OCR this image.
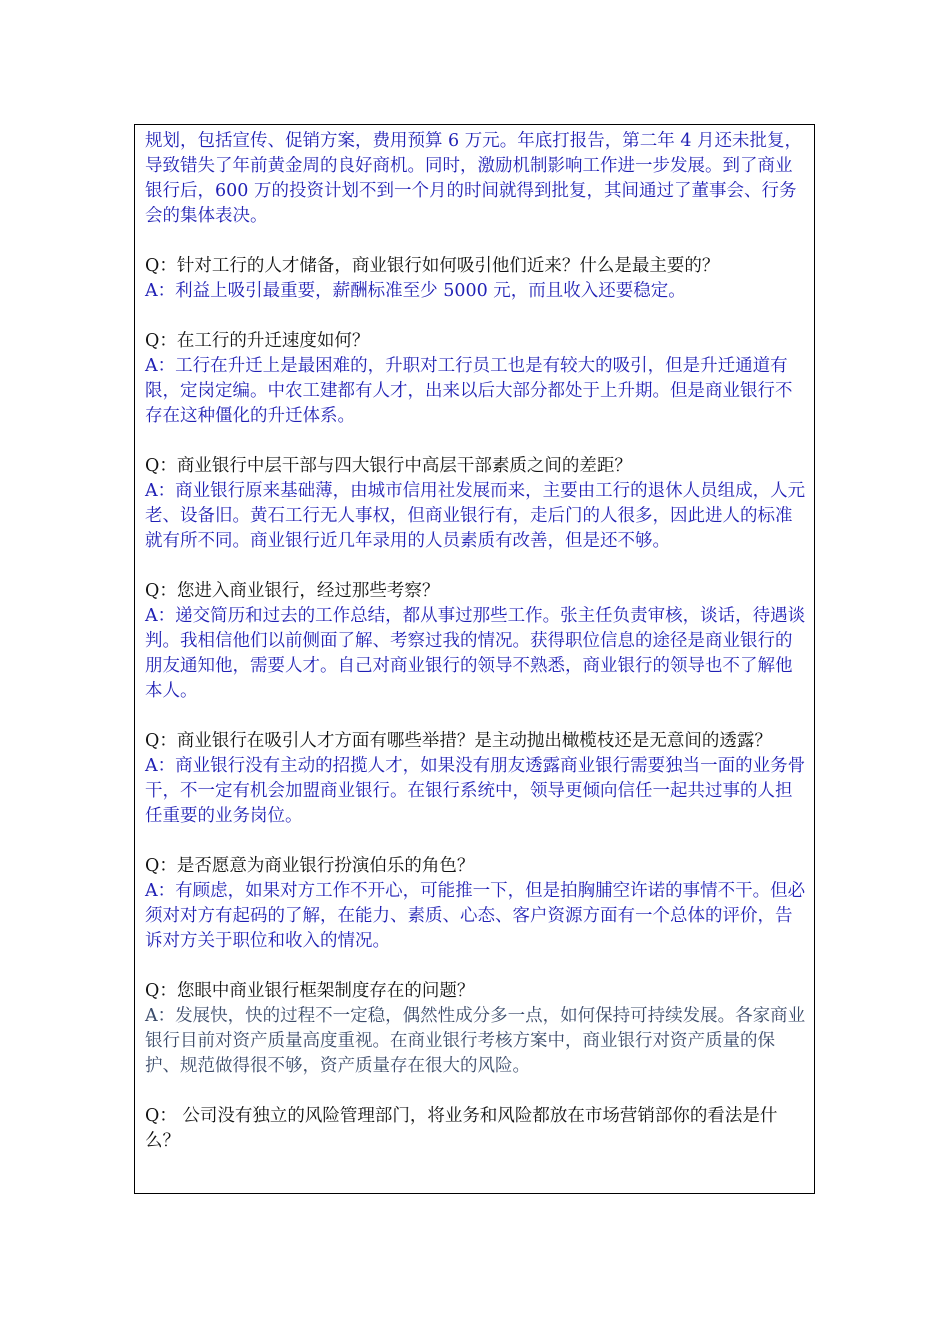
规划，包括宣传、促销方案，费用预算 6 万元。年底打报告，第二年 4 月还未批复，导致错失了年前黄金周的良好商机。同时，激励机制影响工作进一步发展。到了商业银行后，600 万的投资计划不到一个月的时间就得到批复，其间通过了董事会、行务会的集体表决。

Q：针对工行的人才储备，商业银行如何吸引他们近来？什么是最主要的？

A：利益上吸引最重要，薪酬标准至少 5000 元，而且收入还要稳定。

Q：在工行的升迁速度如何？

A：工行在升迁上是最困难的，升职对工行员工也是有较大的吸引，但是升迁通道有限，定岗定编。中农工建都有人才，出来以后大部分都处于上升期。但是商业银行不存在这种僵化的升迁体系。

Q：商业银行中层干部与四大银行中高层干部素质之间的差距？

A：商业银行原来基础薄，由城市信用社发展而来，主要由工行的退休人员组成，人元老、设备旧。黄石工行无人事权，但商业银行有，走后门的人很多，因此进人的标准就有所不同。商业银行近几年录用的人员素质有改善，但是还不够。

Q：您进入商业银行，经过那些考察？

A：递交简历和过去的工作总结，都从事过那些工作。张主任负责审核，谈话，待遇谈判。我相信他们以前侧面了解、考察过我的情况。获得职位信息的途径是商业银行的朋友通知他，需要人才。自己对商业银行的领导不熟悉，商业银行的领导也不了解他本人。

Q：商业银行在吸引人才方面有哪些举措？是主动抛出橄榄枝还是无意间的透露？

A：商业银行没有主动的招揽人才，如果没有朋友透露商业银行需要独当一面的业务骨干，不一定有机会加盟商业银行。在银行系统中，领导更倾向信任一起共过事的人担任重要的业务岗位。

Q：是否愿意为商业银行扮演伯乐的角色？

A：有顾虑，如果对方工作不开心，可能推一下，但是拍胸脯空许诺的事情不干。但必须对对方有起码的了解，在能力、素质、心态、客户资源方面有一个总体的评价，告诉对方关于职位和收入的情况。

Q：您眼中商业银行框架制度存在的问题？

A：发展快，快的过程不一定稳，偶然性成分多一点，如何保持可持续发展。各家商业银行目前对资产质量高度重视。在商业银行考核方案中，商业银行对资产质量的保护、规范做得很不够，资产质量存在很大的风险。

Q： 公司没有独立的风险管理部门，将业务和风险都放在市场营销部你的看法是什么？
